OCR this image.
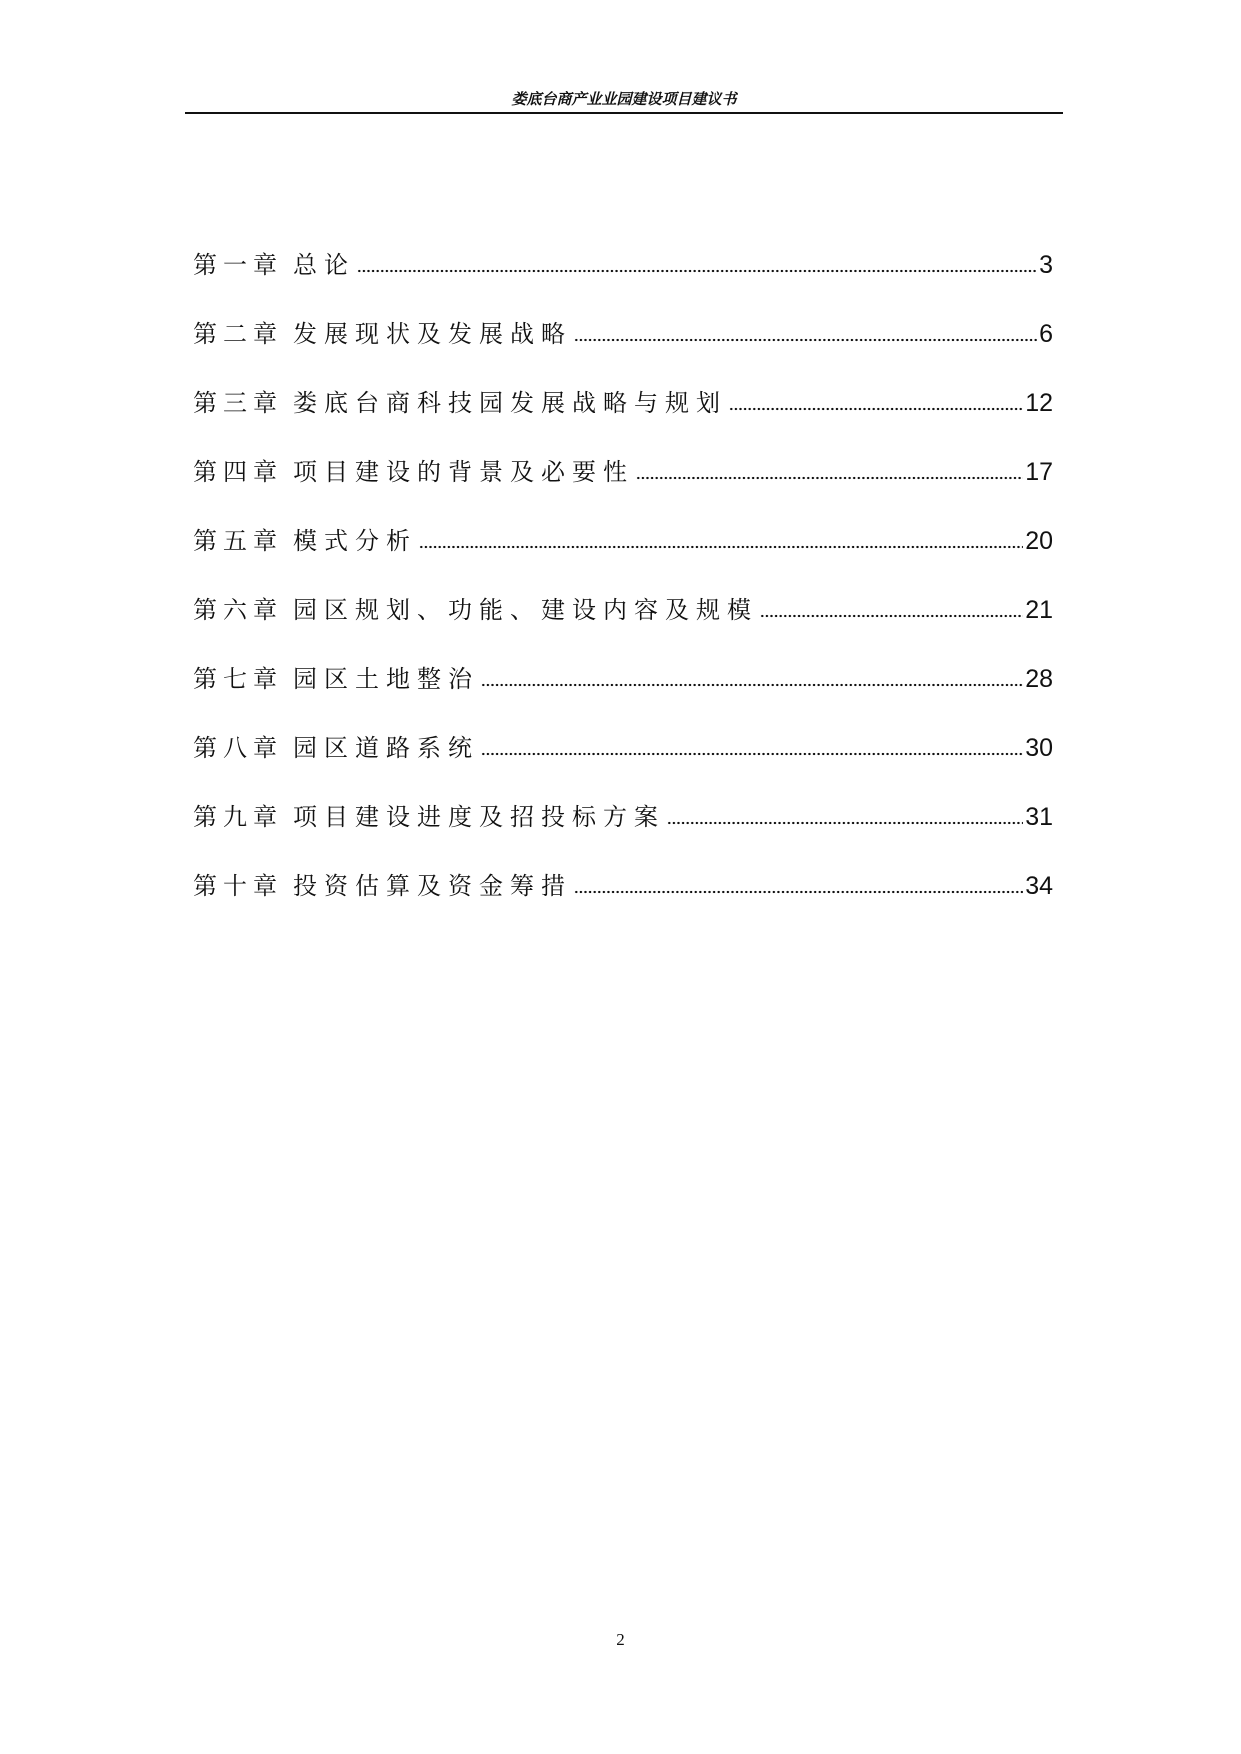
娄底台商产业业园建设项目建议书
第一章 总论	3
第二章 发展现状及发展战略	6
第三章 娄底台商科技园发展战略与规划	12
第四章 项目建设的背景及必要性	17
第五章 模式分析	20
第六章 园区规划、功能、建设内容及规模	21
第七章 园区土地整治	28
第八章 园区道路系统	30
第九章 项目建设进度及招投标方案	31
第十章 投资估算及资金筹措	34
2
